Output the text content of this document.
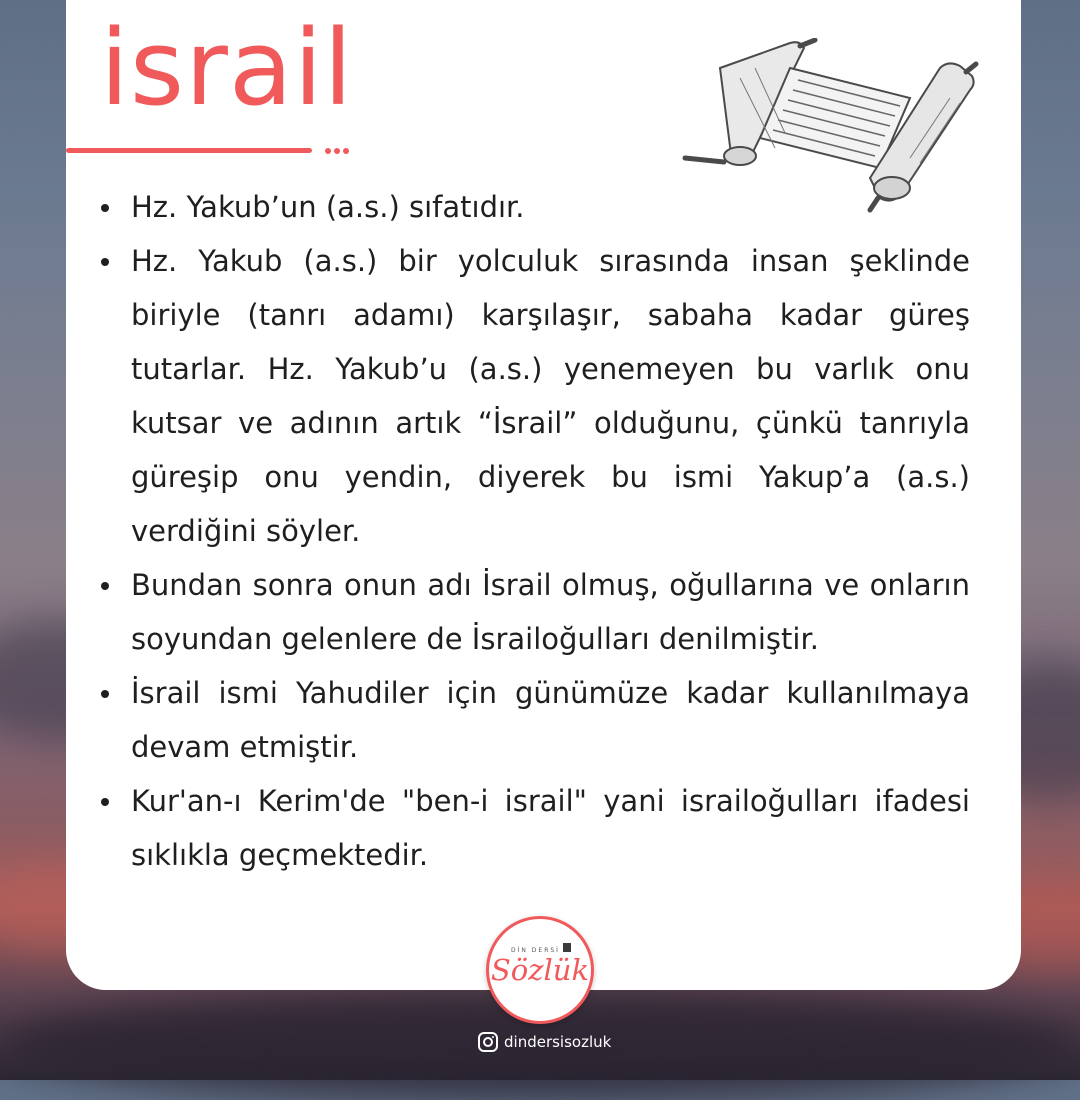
israil
Hz. Yakub’un (a.s.) sıfatıdır.
Hz. Yakub (a.s.) bir yolculuk sırasında insan şeklinde biriyle (tanrı adamı) karşılaşır, sabaha kadar güreş tutarlar. Hz. Yakub’u (a.s.) yenemeyen bu varlık onu kutsar ve adının artık “İsrail” olduğunu, çünkü tanrıyla güreşip onu yendin, diyerek bu ismi Yakup’a (a.s.) verdiğini söyler.
Bundan sonra onun adı İsrail olmuş, oğullarına ve onların soyundan gelenlere de İsrailoğulları denilmiştir.
İsrail ismi Yahudiler için günümüze kadar kullanılmaya devam etmiştir.
Kur'an-ı Kerim'de "ben-i israil" yani israiloğulları ifadesi sıklıkla geçmektedir.
DİN DERSİ
Sözlük
dindersisozluk
